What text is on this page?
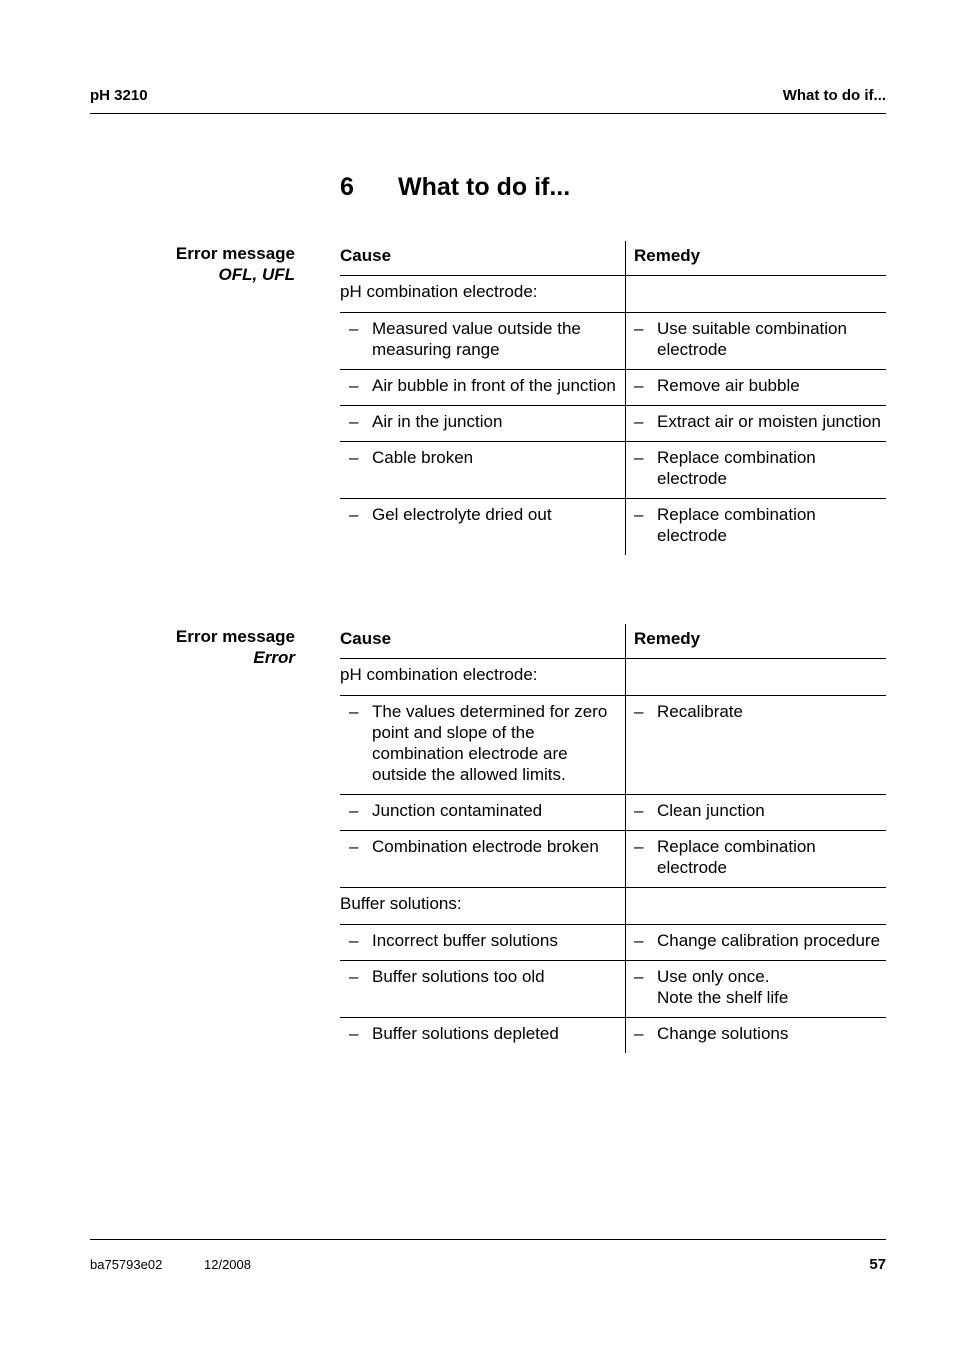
pH 3210	What to do if...
6 What to do if...
Error message
OFL, UFL
Cause	Remedy

pH combination electrode:	

– Measured value outside the measuring range	– Use suitable combination electrode

– Air bubble in front of the junction	– Remove air bubble

– Air in the junction	– Extract air or moisten junction

– Cable broken	– Replace combination electrode

– Gel electrolyte dried out	– Replace combination electrode
Error message
Error
Cause	Remedy

pH combination electrode:	

– The values determined for zero point and slope of the combination electrode are outside the allowed limits.	– Recalibrate

– Junction contaminated	– Clean junction

– Combination electrode broken	– Replace combination electrode

Buffer solutions:	

– Incorrect buffer solutions	– Change calibration procedure

– Buffer solutions too old	– Use only once.
Note the shelf life

– Buffer solutions depleted	– Change solutions
ba75793e02	12/2008	57
